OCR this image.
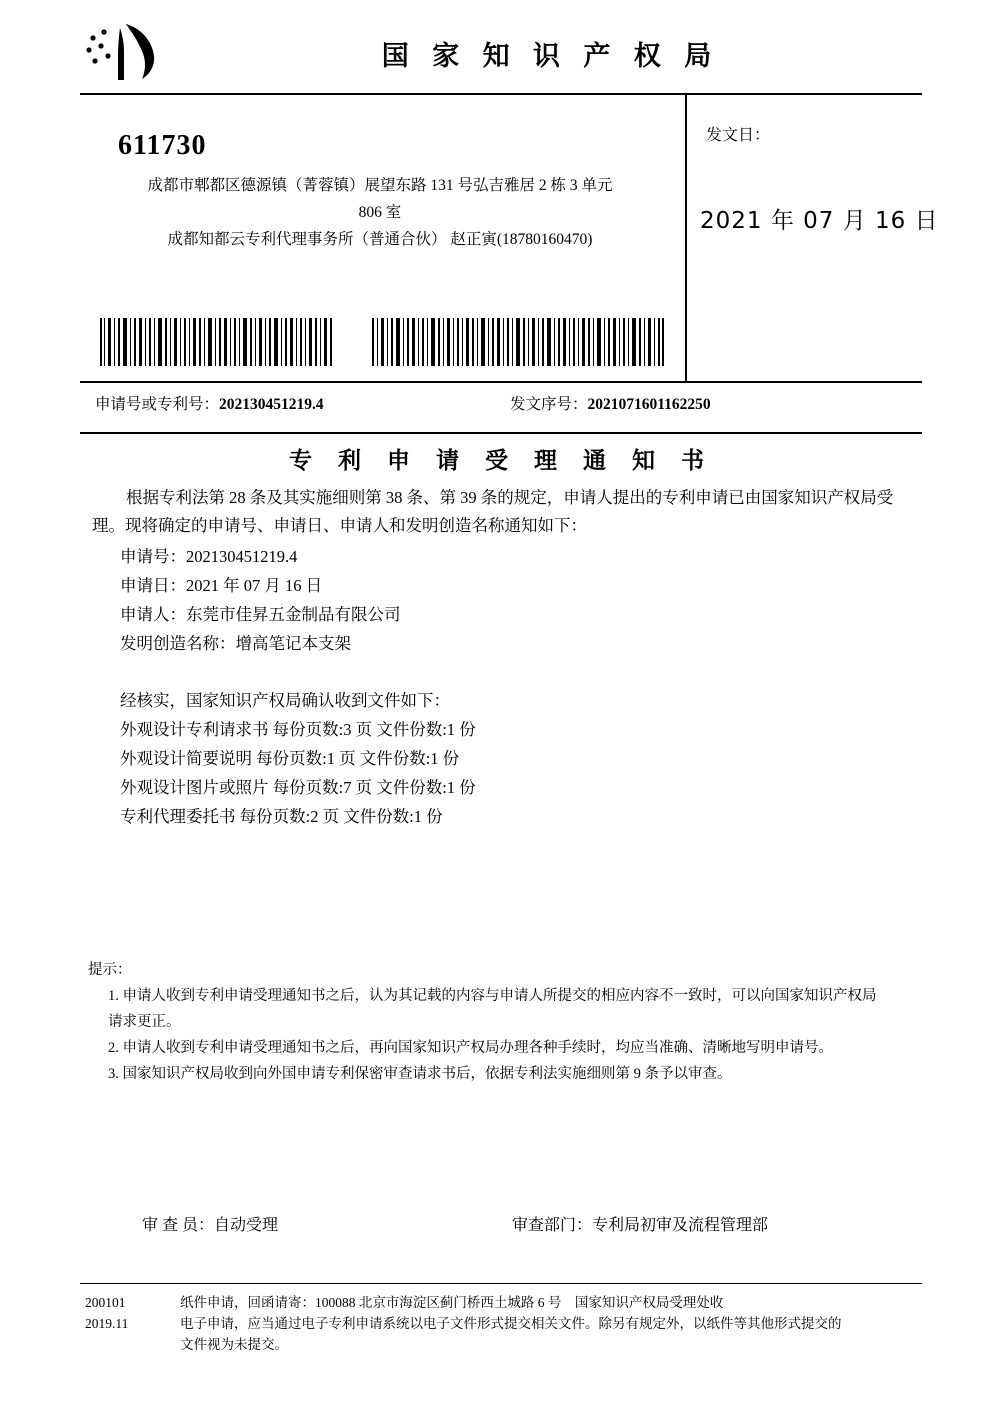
国 家 知 识 产 权 局
611730
成都市郫都区德源镇（菁蓉镇）展望东路 131 号弘吉雅居 2 栋 3 单元
806 室
成都知都云专利代理事务所（普通合伙） 赵正寅(18780160470)
发文日：
2021 年 07 月 16 日
申请号或专利号：202130451219.4	发文序号：2021071601162250
专 利 申 请 受 理 通 知 书
根据专利法第 28 条及其实施细则第 38 条、第 39 条的规定，申请人提出的专利申请已由国家知识产权局受理。现将确定的申请号、申请日、申请人和发明创造名称通知如下：
申请号：202130451219.4
申请日：2021 年 07 月 16 日
申请人：东莞市佳昇五金制品有限公司
发明创造名称：增高笔记本支架
经核实，国家知识产权局确认收到文件如下：
外观设计专利请求书 每份页数:3 页 文件份数:1 份
外观设计简要说明 每份页数:1 页 文件份数:1 份
外观设计图片或照片 每份页数:7 页 文件份数:1 份
专利代理委托书 每份页数:2 页 文件份数:1 份
提示：
1. 申请人收到专利申请受理通知书之后，认为其记载的内容与申请人所提交的相应内容不一致时，可以向国家知识产权局
请求更正。
2. 申请人收到专利申请受理通知书之后，再向国家知识产权局办理各种手续时，均应当准确、清晰地写明申请号。
3. 国家知识产权局收到向外国申请专利保密审查请求书后，依据专利法实施细则第 9 条予以审查。
审 查 员：自动受理	审查部门：专利局初审及流程管理部
200101
2019.11
纸件申请，回函请寄：100088 北京市海淀区蓟门桥西土城路 6 号　国家知识产权局受理处收
电子申请，应当通过电子专利申请系统以电子文件形式提交相关文件。除另有规定外，以纸件等其他形式提交的
文件视为未提交。
